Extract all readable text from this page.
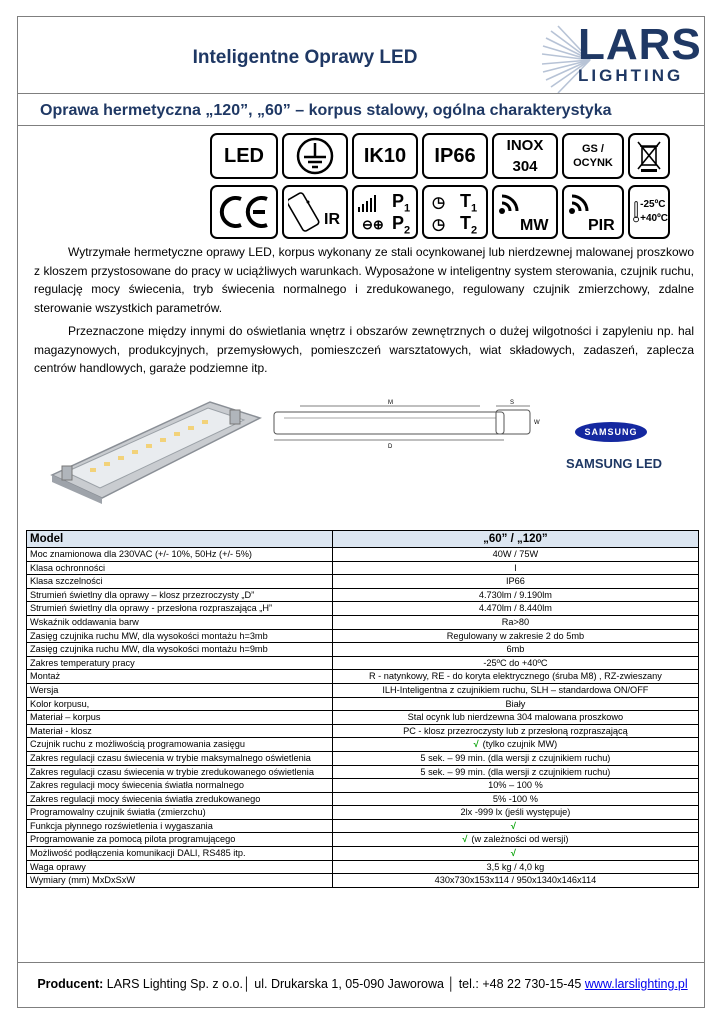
Inteligentne Oprawy LED	LARS
LIGHTING
Oprawa hermetyczna „120”, „60” – korpus stalowy, ogólna charakterystyka
LED	IK10 IP66 INOX
304
GS /
OCYNK
IR ⊖⊕
$P_1$
$P_2$
◷
◷
$T_1$
$T_2$	MW PIR
-25ºC
+40ºC
Wytrzymałe hermetyczne oprawy LED, korpus wykonany ze stali ocynkowanej lub nierdzewnej malowanej proszkowo z kloszem przystosowane do pracy w uciążliwych warunkach. Wyposażone w inteligentny system sterowania, czujnik ruchu, regulację mocy świecenia, tryb świecenia normalnego i zredukowanego, regulowany czujnik zmierzchowy, zdalne sterowanie wszystkich parametrów.
Przeznaczone między innymi do oświetlania wnętrz i obszarów zewnętrznych o dużej wilgotności i zapyleniu np. hal magazynowych, produkcyjnych, przemysłowych, pomieszczeń warsztatowych, wiat składowych, zadaszeń, zaplecza centrów handlowych, garaże podziemne itp.
M
D
S
W
SAMSUNG
SAMSUNG LED
Model	„60” / „120”
Moc znamionowa dla 230VAC (+/- 10%, 50Hz (+/- 5%)	40W / 75W
Klasa ochronności	I
Klasa szczelności	IP66
Strumień świetlny dla oprawy – klosz przezroczysty „D”	4.730lm / 9.190lm
Strumień świetlny dla oprawy - przesłona rozpraszająca „H”	4.470lm / 8.440lm
Wskaźnik oddawania barw	Ra>80
Zasięg czujnika ruchu MW, dla wysokości montażu h=3mb	Regulowany w zakresie 2 do 5mb
Zasięg czujnika ruchu MW, dla wysokości montażu h=9mb	6mb
Zakres temperatury pracy	-25ºC do +40ºC
Montaż	R - natynkowy, RE - do koryta elektrycznego (śruba M8) , RZ-zwieszany
Wersja	ILH-Inteligentna z czujnikiem ruchu, SLH – standardowa ON/OFF
Kolor korpusu,	Biały
Materiał – korpus	Stal ocynk lub nierdzewna 304 malowana proszkowo
Materiał - klosz	PC - klosz przezroczysty lub z przesłoną rozpraszającą
Czujnik ruchu z możliwością programowania zasięgu	√ (tylko czujnik MW)
Zakres regulacji czasu świecenia w trybie maksymalnego oświetlenia	5 sek. – 99 min. (dla wersji z czujnikiem ruchu)
Zakres regulacji czasu świecenia w trybie zredukowanego oświetlenia	5 sek. – 99 min. (dla wersji z czujnikiem ruchu)
Zakres regulacji mocy świecenia światła normalnego	10% – 100 %
Zakres regulacji mocy świecenia światła zredukowanego	5% -100 %
Programowalny czujnik światła (zmierzchu)	2lx -999 lx (jeśli występuje)
Funkcja płynnego rozświetlenia i wygaszania	√
Programowanie za pomocą pilota programującego	√ (w zależności od wersji)
Możliwość podłączenia komunikacji DALI, RS485 itp.	√
Waga oprawy	3,5 kg / 4,0 kg
Wymiary (mm) MxDxSxW	430x730x153x114 / 950x1340x146x114
Producent: LARS Lighting Sp. z o.o.│ ul. Drukarska 1, 05-090 Jaworowa │ tel.: +48 22 730-15-45 www.larslighting.pl
